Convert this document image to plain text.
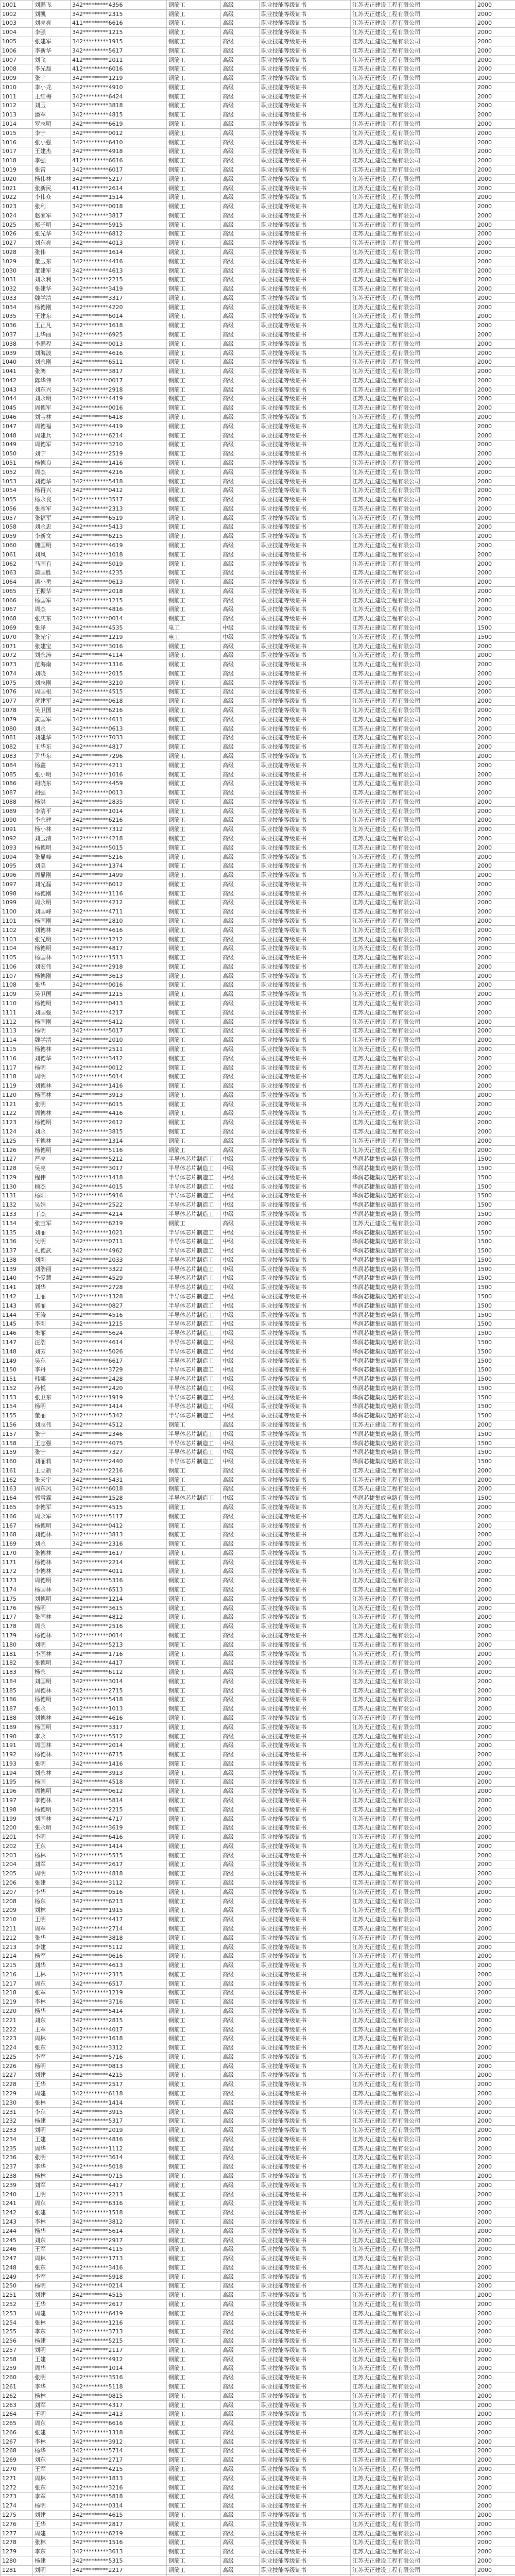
1001	刘鹏飞	342*********4356	钢筋工	高级	职业技能等级证书	江苏天正建设工程有限公司	2000
1002	刘凯	342*********2315	钢筋工	高级	职业技能等级证书	江苏天正建设工程有限公司	2000
1003	刘亮亮	411*********6616	钢筋工	高级	职业技能等级证书	江苏天正建设工程有限公司	2000
1004	李强	342*********1215	钢筋工	高级	职业技能等级证书	江苏天正建设工程有限公司	2000
1005	张建军	342*********1915	钢筋工	高级	职业技能等级证书	江苏天正建设工程有限公司	2000
1006	李新华	342*********5617	钢筋工	高级	职业技能等级证书	江苏天正建设工程有限公司	2000
1007	刘飞	412*********2011	钢筋工	高级	职业技能等级证书	江苏天正建设工程有限公司	2000
1008	李光磊	412*********6016	钢筋工	高级	职业技能等级证书	江苏天正建设工程有限公司	2000
1009	张宇	342*********1219	钢筋工	高级	职业技能等级证书	江苏天正建设工程有限公司	2000
1010	李小龙	342*********4910	钢筋工	高级	职业技能等级证书	江苏天正建设工程有限公司	2000
1011	王红梅	342*********6424	钢筋工	高级	职业技能等级证书	江苏天正建设工程有限公司	2000
1012	刘玉	342*********3818	钢筋工	高级	职业技能等级证书	江苏天正建设工程有限公司	2000
1013	潘军	342*********4815	钢筋工	高级	职业技能等级证书	江苏天正建设工程有限公司	2000
1014	罗志明	342*********6619	钢筋工	高级	职业技能等级证书	江苏天正建设工程有限公司	2000
1015	李宁	342*********0012	钢筋工	高级	职业技能等级证书	江苏天正建设工程有限公司	2000
1016	张小强	342*********6410	钢筋工	高级	职业技能等级证书	江苏天正建设工程有限公司	2000
1017	王建杰	342*********4918	钢筋工	高级	职业技能等级证书	江苏天正建设工程有限公司	2000
1018	李强	412*********6616	钢筋工	高级	职业技能等级证书	江苏天正建设工程有限公司	2000
1019	张雷	342*********6017	钢筋工	高级	职业技能等级证书	江苏天正建设工程有限公司	2000
1020	杨伟林	342*********5217	钢筋工	高级	职业技能等级证书	江苏天正建设工程有限公司	2000
1021	张新民	412*********2614	钢筋工	高级	职业技能等级证书	江苏天正建设工程有限公司	2000
1022	李伟众	342*********1514	钢筋工	高级	职业技能等级证书	江苏天正建设工程有限公司	2000
1023	张利	342*********0018	钢筋工	高级	职业技能等级证书	江苏天正建设工程有限公司	2000
1024	赵家军	342*********3817	钢筋工	高级	职业技能等级证书	江苏天正建设工程有限公司	2000
1025	郑子明	342*********5915	钢筋工	高级	职业技能等级证书	江苏天正建设工程有限公司	2000
1026	张光华	342*********6812	钢筋工	高级	职业技能等级证书	江苏天正建设工程有限公司	2000
1027	刘东亮	342*********4013	钢筋工	高级	职业技能等级证书	江苏天正建设工程有限公司	2000
1028	张伟	342*********1614	钢筋工	高级	职业技能等级证书	江苏天正建设工程有限公司	2000
1029	董玉东	342*********4416	钢筋工	高级	职业技能等级证书	江苏天正建设工程有限公司	2000
1030	董建军	342*********4613	钢筋工	高级	职业技能等级证书	江苏天正建设工程有限公司	2000
1031	刘永利	342*********2215	钢筋工	高级	职业技能等级证书	江苏天正建设工程有限公司	2000
1032	张建华	342*********3419	钢筋工	高级	职业技能等级证书	江苏天正建设工程有限公司	2000
1033	魏学清	342*********3317	钢筋工	高级	职业技能等级证书	江苏天正建设工程有限公司	2000
1034	杨德刚	342*********4220	钢筋工	高级	职业技能等级证书	江苏天正建设工程有限公司	2000
1035	王建东	342*********6014	钢筋工	高级	职业技能等级证书	江苏天正建设工程有限公司	2000
1036	王正凡	342*********1618	钢筋工	高级	职业技能等级证书	江苏天正建设工程有限公司	2000
1037	王华丽	342*********6925	钢筋工	高级	职业技能等级证书	江苏天正建设工程有限公司	2000
1038	李鹏程	342*********0013	钢筋工	高级	职业技能等级证书	江苏天正建设工程有限公司	2000
1039	刘海波	342*********4616	钢筋工	高级	职业技能等级证书	江苏天正建设工程有限公司	2000
1040	刘永刚	342*********6511	钢筋工	高级	职业技能等级证书	江苏天正建设工程有限公司	2000
1041	张鸿	342*********3817	钢筋工	高级	职业技能等级证书	江苏天正建设工程有限公司	2000
1042	陈华伟	342*********0017	钢筋工	高级	职业技能等级证书	江苏天正建设工程有限公司	2000
1043	刘东兴	342*********2918	钢筋工	高级	职业技能等级证书	江苏天正建设工程有限公司	2000
1044	刘永明	342*********4419	钢筋工	高级	职业技能等级证书	江苏天正建设工程有限公司	2000
1045	周德军	342*********0016	钢筋工	高级	职业技能等级证书	江苏天正建设工程有限公司	2000
1046	刘宝林	342*********6418	钢筋工	高级	职业技能等级证书	江苏天正建设工程有限公司	2000
1047	周德福	342*********4419	钢筋工	高级	职业技能等级证书	江苏天正建设工程有限公司	2000
1048	周建兵	342*********6214	钢筋工	高级	职业技能等级证书	江苏天正建设工程有限公司	2000
1049	周德军	342*********3210	钢筋工	高级	职业技能等级证书	江苏天正建设工程有限公司	2000
1050	刘宁	342*********2519	钢筋工	高级	职业技能等级证书	江苏天正建设工程有限公司	2000
1051	杨德良	342*********1416	钢筋工	高级	职业技能等级证书	江苏天正建设工程有限公司	2000
1052	周杰	342*********4216	钢筋工	高级	职业技能等级证书	江苏天正建设工程有限公司	2000
1053	刘德华	342*********5418	钢筋工	高级	职业技能等级证书	江苏天正建设工程有限公司	2000
1054	杨再兴	342*********0412	钢筋工	高级	职业技能等级证书	江苏天正建设工程有限公司	2000
1055	杨永良	342*********3517	钢筋工	高级	职业技能等级证书	江苏天正建设工程有限公司	2000
1056	张彦军	342*********2313	钢筋工	高级	职业技能等级证书	江苏天正建设工程有限公司	2000
1057	张福军	342*********6519	钢筋工	高级	职业技能等级证书	江苏天正建设工程有限公司	2000
1058	刘永忠	342*********5413	钢筋工	高级	职业技能等级证书	江苏天正建设工程有限公司	2000
1059	李新文	342*********6215	钢筋工	高级	职业技能等级证书	江苏天正建设工程有限公司	2000
1060	魏国明	342*********4619	钢筋工	高级	职业技能等级证书	江苏天正建设工程有限公司	2000
1061	刘风	342*********1018	钢筋工	高级	职业技能等级证书	江苏天正建设工程有限公司	2000
1062	马国有	342*********5019	钢筋工	高级	职业技能等级证书	江苏天正建设工程有限公司	2000
1063	蒲国胜	342*********4235	钢筋工	高级	职业技能等级证书	江苏天正建设工程有限公司	2000
1064	潘小勇	342*********0613	钢筋工	高级	职业技能等级证书	江苏天正建设工程有限公司	2000
1065	王振华	342*********2018	钢筋工	高级	职业技能等级证书	江苏天正建设工程有限公司	2000
1066	杨国军	342*********1215	钢筋工	高级	职业技能等级证书	江苏天正建设工程有限公司	2000
1067	周杰	342*********4816	钢筋工	高级	职业技能等级证书	江苏天正建设工程有限公司	2000
1068	张庆东	342*********0014	钢筋工	高级	职业技能等级证书	江苏天正建设工程有限公司	2000
1069	张泽	342*********4535	电工	中级	职业技能等级证书	江苏天正建设工程有限公司	1500
1070	张光宇	342*********1219	电工	中级	职业技能等级证书	江苏天正建设工程有限公司	1500
1071	张建宝	342*********3016	钢筋工	高级	职业技能等级证书	江苏天正建设工程有限公司	2000
1072	刘永涛	342*********4114	钢筋工	高级	职业技能等级证书	江苏天正建设工程有限公司	2000
1073	范海南	342*********1316	钢筋工	高级	职业技能等级证书	江苏天正建设工程有限公司	2000
1074	刘晓	342*********2015	钢筋工	高级	职业技能等级证书	江苏天正建设工程有限公司	2000
1075	刘志刚	342*********3210	钢筋工	高级	职业技能等级证书	江苏天正建设工程有限公司	2000
1076	周国根	342*********4515	钢筋工	高级	职业技能等级证书	江苏天正建设工程有限公司	2000
1077	黄建军	342*********0618	钢筋工	高级	职业技能等级证书	江苏天正建设工程有限公司	2000
1078	吴卫国	342*********6216	钢筋工	高级	职业技能等级证书	江苏天正建设工程有限公司	2000
1079	黄国军	342*********4611	钢筋工	高级	职业技能等级证书	江苏天正建设工程有限公司	2000
1080	刘永	342*********0613	钢筋工	高级	职业技能等级证书	江苏天正建设工程有限公司	2000
1081	刘建华	342*********7033	钢筋工	高级	职业技能等级证书	江苏天正建设工程有限公司	2000
1082	王华东	342*********4817	钢筋工	高级	职业技能等级证书	江苏天正建设工程有限公司	2000
1083	尹华东	342*********7296	钢筋工	高级	职业技能等级证书	江苏天正建设工程有限公司	2000
1084	杨鑫	342*********4211	钢筋工	高级	职业技能等级证书	江苏天正建设工程有限公司	2000
1085	张小明	342*********1016	钢筋工	高级	职业技能等级证书	江苏天正建设工程有限公司	2000
1086	胡晓东	342*********4459	钢筋工	高级	职业技能等级证书	江苏天正建设工程有限公司	2000
1087	胡强	342*********0013	钢筋工	高级	职业技能等级证书	江苏天正建设工程有限公司	2000
1088	杨洪	342*********2835	钢筋工	高级	职业技能等级证书	江苏天正建设工程有限公司	2000
1089	李清平	342*********1014	钢筋工	高级	职业技能等级证书	江苏天正建设工程有限公司	2000
1090	李永建	342*********6216	钢筋工	高级	职业技能等级证书	江苏天正建设工程有限公司	2000
1091	杨小林	342*********7312	钢筋工	高级	职业技能等级证书	江苏天正建设工程有限公司	2000
1092	刘玉清	342*********4218	钢筋工	高级	职业技能等级证书	江苏天正建设工程有限公司	2000
1093	杨德明	342*********5015	钢筋工	高级	职业技能等级证书	江苏天正建设工程有限公司	2000
1094	张显峰	342*********5216	钢筋工	高级	职业技能等级证书	江苏天正建设工程有限公司	2000
1095	刘美	342*********1374	钢筋工	高级	职业技能等级证书	江苏天正建设工程有限公司	2000
1096	周显刚	342*********1499	钢筋工	高级	职业技能等级证书	江苏天正建设工程有限公司	2000
1097	刘光磊	342*********6012	钢筋工	高级	职业技能等级证书	江苏天正建设工程有限公司	2000
1098	杨德刚	342*********1116	钢筋工	高级	职业技能等级证书	江苏天正建设工程有限公司	2000
1099	周永明	342*********4212	钢筋工	高级	职业技能等级证书	江苏天正建设工程有限公司	2000
1100	刘国峰	342*********4711	钢筋工	高级	职业技能等级证书	江苏天正建设工程有限公司	2000
1101	杨国刚	342*********2810	钢筋工	高级	职业技能等级证书	江苏天正建设工程有限公司	2000
1102	刘德林	342*********4616	钢筋工	高级	职业技能等级证书	江苏天正建设工程有限公司	2000
1103	张光明	342*********1212	钢筋工	高级	职业技能等级证书	江苏天正建设工程有限公司	2000
1104	杨德明	342*********4817	钢筋工	高级	职业技能等级证书	江苏天正建设工程有限公司	2000
1105	杨国林	342*********1513	钢筋工	高级	职业技能等级证书	江苏天正建设工程有限公司	2000
1106	刘宏伟	342*********2918	钢筋工	高级	职业技能等级证书	江苏天正建设工程有限公司	2000
1107	杨德刚	342*********3613	钢筋工	高级	职业技能等级证书	江苏天正建设工程有限公司	2000
1108	张华	342*********0016	钢筋工	高级	职业技能等级证书	江苏天正建设工程有限公司	2000
1109	吴卫国	342*********1215	钢筋工	高级	职业技能等级证书	江苏天正建设工程有限公司	2000
1110	杨德明	342*********0413	钢筋工	高级	职业技能等级证书	江苏天正建设工程有限公司	2000
1111	刘国强	342*********4217	钢筋工	高级	职业技能等级证书	江苏天正建设工程有限公司	2000
1112	杨国刚	342*********5412	钢筋工	高级	职业技能等级证书	江苏天正建设工程有限公司	2000
1113	杨明	342*********5017	钢筋工	高级	职业技能等级证书	江苏天正建设工程有限公司	2000
1114	魏学清	342*********2010	钢筋工	高级	职业技能等级证书	江苏天正建设工程有限公司	2000
1115	杨德林	342*********2511	钢筋工	高级	职业技能等级证书	江苏天正建设工程有限公司	2000
1116	刘德华	342*********3412	钢筋工	高级	职业技能等级证书	江苏天正建设工程有限公司	2000
1117	杨明	342*********0012	钢筋工	高级	职业技能等级证书	江苏天正建设工程有限公司	2000
1118	周明	342*********5014	钢筋工	高级	职业技能等级证书	江苏天正建设工程有限公司	2000
1119	刘德林	342*********1416	钢筋工	高级	职业技能等级证书	江苏天正建设工程有限公司	2000
1120	杨国林	342*********3913	钢筋工	高级	职业技能等级证书	江苏天正建设工程有限公司	2000
1121	张明	342*********6015	钢筋工	高级	职业技能等级证书	江苏天正建设工程有限公司	2000
1122	周德林	342*********4416	钢筋工	高级	职业技能等级证书	江苏天正建设工程有限公司	2000
1123	杨德明	342*********2612	钢筋工	高级	职业技能等级证书	江苏天正建设工程有限公司	2000
1124	刘永	342*********3815	钢筋工	高级	职业技能等级证书	江苏天正建设工程有限公司	2000
1125	王德林	342*********1314	钢筋工	高级	职业技能等级证书	江苏天正建设工程有限公司	2000
1126	杨德明	342*********5116	钢筋工	高级	职业技能等级证书	江苏天正建设工程有限公司	2000
1127	严亮	342*********5212	半导体芯片制造工	中级	职业技能等级证书	华润芯捷集成电路有限公司	1500
1128	吴亮	342*********3017	半导体芯片制造工	中级	职业技能等级证书	华润芯捷集成电路有限公司	1500
1129	程伟	342*********1418	半导体芯片制造工	中级	职业技能等级证书	华润芯捷集成电路有限公司	1500
1130	顾杰	342*********4015	半导体芯片制造工	中级	职业技能等级证书	华润芯捷集成电路有限公司	1500
1131	杨阳	342*********5916	半导体芯片制造工	中级	职业技能等级证书	华润芯捷集成电路有限公司	1500
1132	吴娟	342*********2522	半导体芯片制造工	中级	职业技能等级证书	华润芯捷集成电路有限公司	1500
1133	丁杰	342*********4214	半导体芯片制造工	中级	职业技能等级证书	华润芯捷集成电路有限公司	1500
1134	张宝军	342*********6219	钢筋工	高级	职业技能等级证书	江苏天正建设工程有限公司	2000
1135	刘丽	342*********1021	半导体芯片制造工	中级	职业技能等级证书	华润芯捷集成电路有限公司	1500
1136	吴明	342*********0711	半导体芯片制造工	中级	职业技能等级证书	华润芯捷集成电路有限公司	1500
1137	孔德武	342*********4962	半导体芯片制造工	中级	职业技能等级证书	华润芯捷集成电路有限公司	1500
1138	刘刚	342*********2033	半导体芯片制造工	中级	职业技能等级证书	华润芯捷集成电路有限公司	1500
1139	刘浩丽	342*********3322	半导体芯片制造工	中级	职业技能等级证书	华润芯捷集成电路有限公司	1500
1140	李爱慧	342*********4529	半导体芯片制造工	中级	职业技能等级证书	华润芯捷集成电路有限公司	1500
1141	刘华	342*********2728	半导体芯片制造工	中级	职业技能等级证书	华润芯捷集成电路有限公司	1500
1142	王丽	342*********1328	半导体芯片制造工	中级	职业技能等级证书	华润芯捷集成电路有限公司	1500
1143	郭丽	342*********0827	半导体芯片制造工	中级	职业技能等级证书	华润芯捷集成电路有限公司	1500
1144	王涛	342*********4516	半导体芯片制造工	中级	职业技能等级证书	华润芯捷集成电路有限公司	1500
1145	李刚	342*********1215	半导体芯片制造工	中级	职业技能等级证书	华润芯捷集成电路有限公司	1500
1146	朱丽	342*********5624	半导体芯片制造工	中级	职业技能等级证书	华润芯捷集成电路有限公司	1500
1147	汪浩	342*********4614	半导体芯片制造工	中级	职业技能等级证书	华润芯捷集成电路有限公司	1500
1148	刘芳	342*********5026	半导体芯片制造工	中级	职业技能等级证书	华润芯捷集成电路有限公司	1500
1149	吴东	342*********6617	半导体芯片制造工	中级	职业技能等级证书	华润芯捷集成电路有限公司	1500
1150	李丹	342*********3729	半导体芯片制造工	中级	职业技能等级证书	华润芯捷集成电路有限公司	1500
1151	韩娜	342*********2428	半导体芯片制造工	中级	职业技能等级证书	华润芯捷集成电路有限公司	1500
1152	孙悦	342*********2420	半导体芯片制造工	中级	职业技能等级证书	华润芯捷集成电路有限公司	1500
1153	张卫东	342*********1919	半导体芯片制造工	中级	职业技能等级证书	华润芯捷集成电路有限公司	1500
1154	杨明	342*********1414	半导体芯片制造工	中级	职业技能等级证书	华润芯捷集成电路有限公司	1500
1155	董丽	342*********5342	半导体芯片制造工	中级	职业技能等级证书	华润芯捷集成电路有限公司	1500
1156	刘志伟	342*********4512	钢筋工	高级	职业技能等级证书	江苏天正建设工程有限公司	2000
1157	张宁	342*********2346	半导体芯片制造工	中级	职业技能等级证书	华润芯捷集成电路有限公司	1500
1158	王志强	342*********4075	半导体芯片制造工	中级	职业技能等级证书	华润芯捷集成电路有限公司	1500
1159	张宁	342*********7327	半导体芯片制造工	中级	职业技能等级证书	华润芯捷集成电路有限公司	1500
1160	刘丽莉	342*********2440	半导体芯片制造工	中级	职业技能等级证书	华润芯捷集成电路有限公司	1500
1161	王立新	342*********2216	钢筋工	高级	职业技能等级证书	江苏天正建设工程有限公司	2000
1162	张天宇	342*********5431	钢筋工	高级	职业技能等级证书	江苏天正建设工程有限公司	2000
1163	周东风	342*********6018	钢筋工	高级	职业技能等级证书	江苏天正建设工程有限公司	2000
1164	郭雪霖	342*********1528	半导体芯片制造工	中级	职业技能等级证书	华润芯捷集成电路有限公司	1500
1165	李德军	342*********4515	钢筋工	高级	职业技能等级证书	江苏天正建设工程有限公司	2000
1166	周永军	342*********5117	钢筋工	高级	职业技能等级证书	江苏天正建设工程有限公司	2000
1167	杨德明	342*********0412	钢筋工	高级	职业技能等级证书	江苏天正建设工程有限公司	2000
1168	刘德林	342*********3813	钢筋工	高级	职业技能等级证书	江苏天正建设工程有限公司	2000
1169	刘永	342*********2316	钢筋工	高级	职业技能等级证书	江苏天正建设工程有限公司	2000
1170	张德林	342*********1617	钢筋工	高级	职业技能等级证书	江苏天正建设工程有限公司	2000
1171	杨德林	342*********2214	钢筋工	高级	职业技能等级证书	江苏天正建设工程有限公司	2000
1172	李德林	342*********4011	钢筋工	高级	职业技能等级证书	江苏天正建设工程有限公司	2000
1173	周德明	342*********5316	钢筋工	高级	职业技能等级证书	江苏天正建设工程有限公司	2000
1174	杨国林	342*********6513	钢筋工	高级	职业技能等级证书	江苏天正建设工程有限公司	2000
1175	刘德明	342*********1214	钢筋工	高级	职业技能等级证书	江苏天正建设工程有限公司	2000
1176	杨明	342*********3615	钢筋工	高级	职业技能等级证书	江苏天正建设工程有限公司	2000
1177	张国林	342*********4812	钢筋工	高级	职业技能等级证书	江苏天正建设工程有限公司	2000
1178	周永	342*********2516	钢筋工	高级	职业技能等级证书	江苏天正建设工程有限公司	2000
1179	杨德林	342*********0014	钢筋工	高级	职业技能等级证书	江苏天正建设工程有限公司	2000
1180	刘明	342*********5213	钢筋工	高级	职业技能等级证书	江苏天正建设工程有限公司	2000
1181	李国林	342*********1716	钢筋工	高级	职业技能等级证书	江苏天正建设工程有限公司	2000
1182	张德明	342*********4417	钢筋工	高级	职业技能等级证书	江苏天正建设工程有限公司	2000
1183	杨永	342*********6112	钢筋工	高级	职业技能等级证书	江苏天正建设工程有限公司	2000
1184	刘国明	342*********3014	钢筋工	高级	职业技能等级证书	江苏天正建设工程有限公司	2000
1185	周德林	342*********2715	钢筋工	高级	职业技能等级证书	江苏天正建设工程有限公司	2000
1186	杨德明	342*********5418	钢筋工	高级	职业技能等级证书	江苏天正建设工程有限公司	2000
1187	张永	342*********1013	钢筋工	高级	职业技能等级证书	江苏天正建设工程有限公司	2000
1188	刘德林	342*********4616	钢筋工	高级	职业技能等级证书	江苏天正建设工程有限公司	2000
1189	杨国明	342*********3317	钢筋工	高级	职业技能等级证书	江苏天正建设工程有限公司	2000
1190	李永	342*********5512	钢筋工	高级	职业技能等级证书	江苏天正建设工程有限公司	2000
1191	周国林	342*********2014	钢筋工	高级	职业技能等级证书	江苏天正建设工程有限公司	2000
1192	杨德林	342*********6715	钢筋工	高级	职业技能等级证书	江苏天正建设工程有限公司	2000
1193	张明	342*********1416	钢筋工	高级	职业技能等级证书	江苏天正建设工程有限公司	2000
1194	刘永林	342*********3913	钢筋工	高级	职业技能等级证书	江苏天正建设工程有限公司	2000
1195	杨国	342*********4518	钢筋工	高级	职业技能等级证书	江苏天正建设工程有限公司	2000
1196	周德明	342*********0612	钢筋工	高级	职业技能等级证书	江苏天正建设工程有限公司	2000
1197	李德林	342*********5814	钢筋工	高级	职业技能等级证书	江苏天正建设工程有限公司	2000
1198	杨德明	342*********2215	钢筋工	高级	职业技能等级证书	江苏天正建设工程有限公司	2000
1199	刘国林	342*********4717	钢筋工	高级	职业技能等级证书	江苏天正建设工程有限公司	2000
1200	张永明	342*********3619	钢筋工	高级	职业技能等级证书	江苏天正建设工程有限公司	2000
1201	李明	342*********6416	钢筋工	高级	职业技能等级证书	江苏天正建设工程有限公司	2000
1202	王东	342*********1414	钢筋工	高级	职业技能等级证书	江苏天正建设工程有限公司	2000
1203	杨林	342*********5515	钢筋工	高级	职业技能等级证书	江苏天正建设工程有限公司	2000
1204	刘军	342*********2617	钢筋工	高级	职业技能等级证书	江苏天正建设工程有限公司	2000
1205	周明	342*********4818	钢筋工	高级	职业技能等级证书	江苏天正建设工程有限公司	2000
1206	张建	342*********3112	钢筋工	高级	职业技能等级证书	江苏天正建设工程有限公司	2000
1207	李华	342*********0516	钢筋工	高级	职业技能等级证书	江苏天正建设工程有限公司	2000
1208	杨东	342*********6213	钢筋工	高级	职业技能等级证书	江苏天正建设工程有限公司	2000
1209	刘林	342*********1915	钢筋工	高级	职业技能等级证书	江苏天正建设工程有限公司	2000
1210	王明	342*********4417	钢筋工	高级	职业技能等级证书	江苏天正建设工程有限公司	2000
1211	周军	342*********2714	钢筋工	高级	职业技能等级证书	江苏天正建设工程有限公司	2000
1212	张华	342*********3818	钢筋工	高级	职业技能等级证书	江苏天正建设工程有限公司	2000
1213	李建	342*********5112	钢筋工	高级	职业技能等级证书	江苏天正建设工程有限公司	2000
1214	杨军	342*********0616	钢筋工	高级	职业技能等级证书	江苏天正建设工程有限公司	2000
1215	刘华	342*********4613	钢筋工	高级	职业技能等级证书	江苏天正建设工程有限公司	2000
1216	王林	342*********2315	钢筋工	高级	职业技能等级证书	江苏天正建设工程有限公司	2000
1217	周东	342*********6517	钢筋工	高级	职业技能等级证书	江苏天正建设工程有限公司	2000
1218	张军	342*********1219	钢筋工	高级	职业技能等级证书	江苏天正建设工程有限公司	2000
1219	李林	342*********3716	钢筋工	高级	职业技能等级证书	江苏天正建设工程有限公司	2000
1220	杨华	342*********5414	钢筋工	高级	职业技能等级证书	江苏天正建设工程有限公司	2000
1221	刘东	342*********2815	钢筋工	高级	职业技能等级证书	江苏天正建设工程有限公司	2000
1222	王军	342*********4017	钢筋工	高级	职业技能等级证书	江苏天正建设工程有限公司	2000
1223	周林	342*********1618	钢筋工	高级	职业技能等级证书	江苏天正建设工程有限公司	2000
1224	张东	342*********3312	钢筋工	高级	职业技能等级证书	江苏天正建设工程有限公司	2000
1225	李军	342*********5716	钢筋工	高级	职业技能等级证书	江苏天正建设工程有限公司	2000
1226	杨明	342*********0813	钢筋工	高级	职业技能等级证书	江苏天正建设工程有限公司	2000
1227	刘建	342*********4215	钢筋工	高级	职业技能等级证书	江苏天正建设工程有限公司	2000
1228	王华	342*********2517	钢筋工	高级	职业技能等级证书	江苏天正建设工程有限公司	2000
1229	周建	342*********6118	钢筋工	高级	职业技能等级证书	江苏天正建设工程有限公司	2000
1230	张林	342*********1414	钢筋工	高级	职业技能等级证书	江苏天正建设工程有限公司	2000
1231	李东	342*********3915	钢筋工	高级	职业技能等级证书	江苏天正建设工程有限公司	2000
1232	杨建	342*********5317	钢筋工	高级	职业技能等级证书	江苏天正建设工程有限公司	2000
1233	刘明	342*********2019	钢筋工	高级	职业技能等级证书	江苏天正建设工程有限公司	2000
1234	王建	342*********4816	钢筋工	高级	职业技能等级证书	江苏天正建设工程有限公司	2000
1235	周华	342*********1112	钢筋工	高级	职业技能等级证书	江苏天正建设工程有限公司	2000
1236	张明	342*********3614	钢筋工	高级	职业技能等级证书	江苏天正建设工程有限公司	2000
1237	李华	342*********5018	钢筋工	高级	职业技能等级证书	江苏天正建设工程有限公司	2000
1238	杨林	342*********0715	钢筋工	高级	职业技能等级证书	江苏天正建设工程有限公司	2000
1239	刘军	342*********4417	钢筋工	高级	职业技能等级证书	江苏天正建设工程有限公司	2000
1240	王明	342*********2213	钢筋工	高级	职业技能等级证书	江苏天正建设工程有限公司	2000
1241	周东	342*********6316	钢筋工	高级	职业技能等级证书	江苏天正建设工程有限公司	2000
1242	张建	342*********1518	钢筋工	高级	职业技能等级证书	江苏天正建设工程有限公司	2000
1243	李林	342*********3812	钢筋工	高级	职业技能等级证书	江苏天正建设工程有限公司	2000
1244	杨华	342*********5614	钢筋工	高级	职业技能等级证书	江苏天正建设工程有限公司	2000
1245	刘东	342*********2917	钢筋工	高级	职业技能等级证书	江苏天正建设工程有限公司	2000
1246	王军	342*********4115	钢筋工	高级	职业技能等级证书	江苏天正建设工程有限公司	2000
1247	周林	342*********1713	钢筋工	高级	职业技能等级证书	江苏天正建设工程有限公司	2000
1248	张东	342*********3416	钢筋工	高级	职业技能等级证书	江苏天正建设工程有限公司	2000
1249	李军	342*********5918	钢筋工	高级	职业技能等级证书	江苏天正建设工程有限公司	2000
1250	杨明	342*********0214	钢筋工	高级	职业技能等级证书	江苏天正建设工程有限公司	2000
1251	刘建	342*********4515	钢筋工	高级	职业技能等级证书	江苏天正建设工程有限公司	2000
1252	王华	342*********2617	钢筋工	高级	职业技能等级证书	江苏天正建设工程有限公司	2000
1253	周建	342*********6419	钢筋工	高级	职业技能等级证书	江苏天正建设工程有限公司	2000
1254	张林	342*********1216	钢筋工	高级	职业技能等级证书	江苏天正建设工程有限公司	2000
1255	李东	342*********3713	钢筋工	高级	职业技能等级证书	江苏天正建设工程有限公司	2000
1256	杨建	342*********5215	钢筋工	高级	职业技能等级证书	江苏天正建设工程有限公司	2000
1257	刘明	342*********2117	钢筋工	高级	职业技能等级证书	江苏天正建设工程有限公司	2000
1258	王建	342*********4912	钢筋工	高级	职业技能等级证书	江苏天正建设工程有限公司	2000
1259	周华	342*********1014	钢筋工	高级	职业技能等级证书	江苏天正建设工程有限公司	2000
1260	张明	342*********3516	钢筋工	高级	职业技能等级证书	江苏天正建设工程有限公司	2000
1261	李华	342*********5118	钢筋工	高级	职业技能等级证书	江苏天正建设工程有限公司	2000
1262	杨林	342*********0815	钢筋工	高级	职业技能等级证书	江苏天正建设工程有限公司	2000
1263	刘军	342*********4317	钢筋工	高级	职业技能等级证书	江苏天正建设工程有限公司	2000
1264	王明	342*********2413	钢筋工	高级	职业技能等级证书	江苏天正建设工程有限公司	2000
1265	周东	342*********6616	钢筋工	高级	职业技能等级证书	江苏天正建设工程有限公司	2000
1266	张建	342*********1318	钢筋工	高级	职业技能等级证书	江苏天正建设工程有限公司	2000
1267	李林	342*********3912	钢筋工	高级	职业技能等级证书	江苏天正建设工程有限公司	2000
1268	杨华	342*********5714	钢筋工	高级	职业技能等级证书	江苏天正建设工程有限公司	2000
1269	刘东	342*********2717	钢筋工	高级	职业技能等级证书	江苏天正建设工程有限公司	2000
1270	王军	342*********4215	钢筋工	高级	职业技能等级证书	江苏天正建设工程有限公司	2000
1271	周林	342*********1813	钢筋工	高级	职业技能等级证书	江苏天正建设工程有限公司	2000
1272	张东	342*********3216	钢筋工	高级	职业技能等级证书	江苏天正建设工程有限公司	2000
1273	李军	342*********5818	钢筋工	高级	职业技能等级证书	江苏天正建设工程有限公司	2000
1274	杨明	342*********0314	钢筋工	高级	职业技能等级证书	江苏天正建设工程有限公司	2000
1275	刘建	342*********4615	钢筋工	高级	职业技能等级证书	江苏天正建设工程有限公司	2000
1276	王华	342*********2817	钢筋工	高级	职业技能等级证书	江苏天正建设工程有限公司	2000
1277	周建	342*********6219	钢筋工	高级	职业技能等级证书	江苏天正建设工程有限公司	2000
1278	张林	342*********1516	钢筋工	高级	职业技能等级证书	江苏天正建设工程有限公司	2000
1279	李东	342*********3613	钢筋工	高级	职业技能等级证书	江苏天正建设工程有限公司	2000
1280	杨建	342*********5315	钢筋工	高级	职业技能等级证书	江苏天正建设工程有限公司	2000
1281	刘明	342*********2217	钢筋工	高级	职业技能等级证书	江苏天正建设工程有限公司	2000
